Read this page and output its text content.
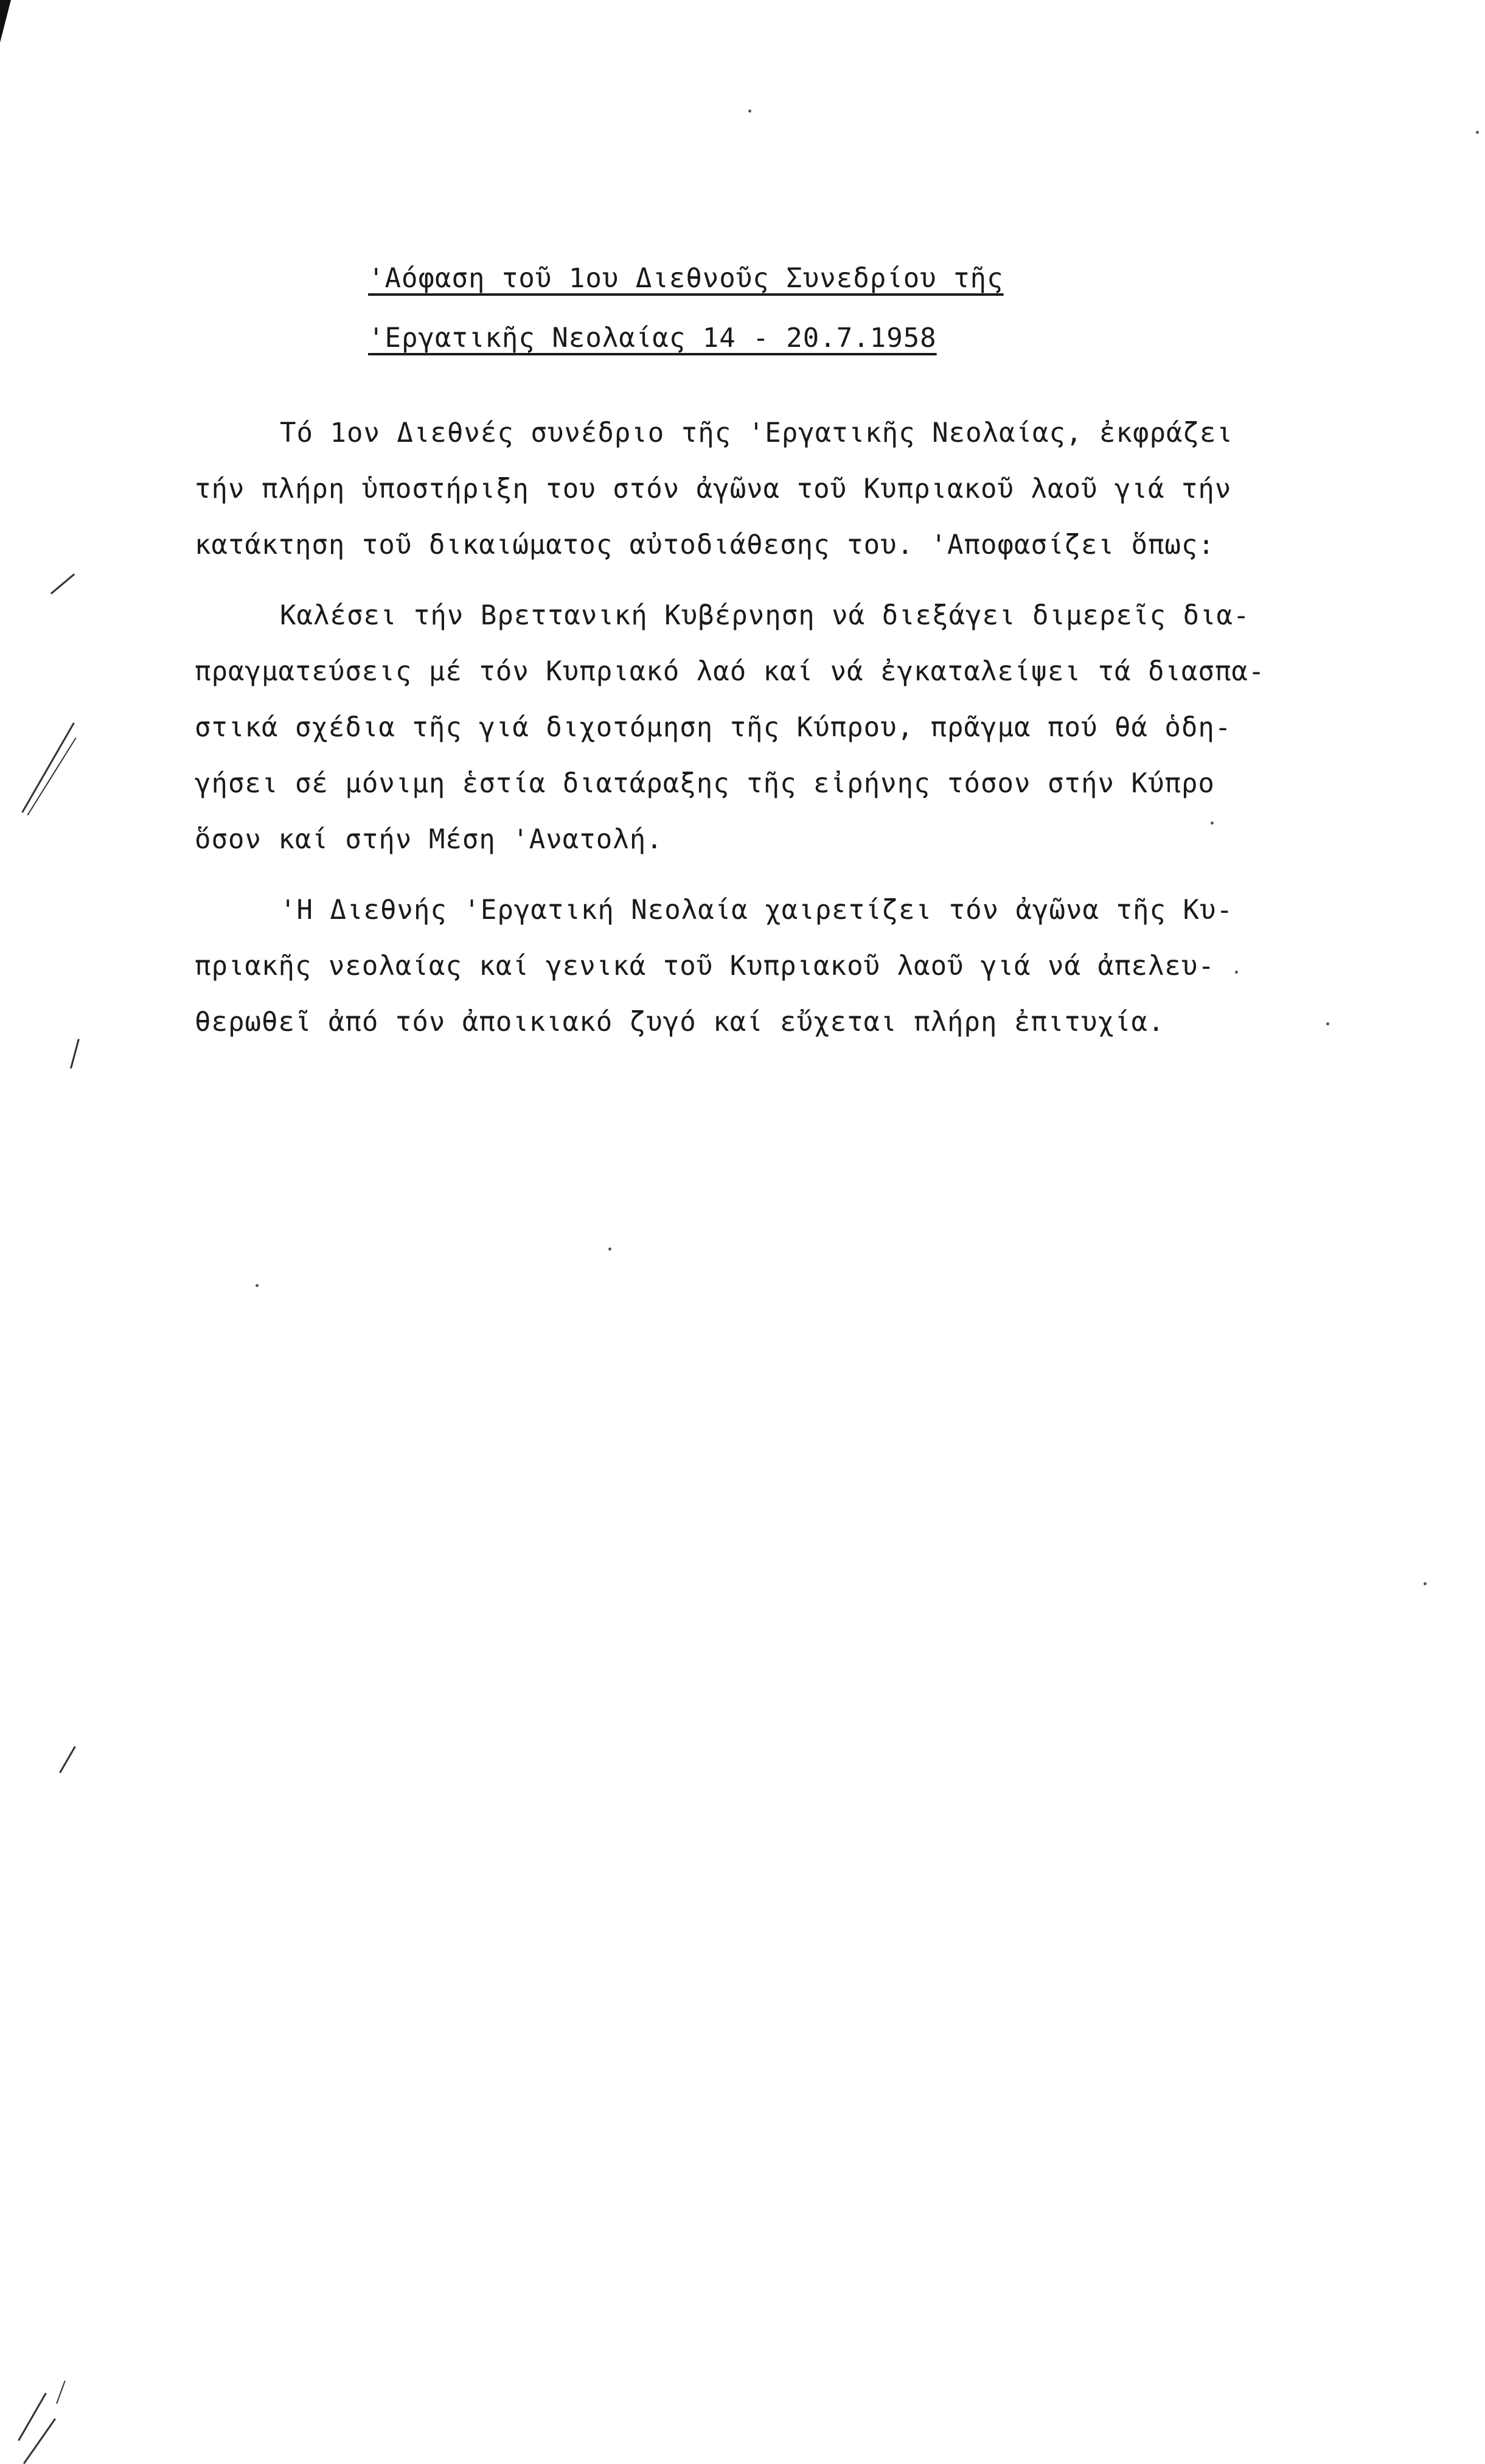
'Αόφαση τοῦ 1ου Διεθνοῦς Συνεδρίου τῆς
'Εργατικῆς Νεολαίας 14 - 20.7.1958
Τό 1ον Διεθνές συνέδριο τῆς 'Εργατικῆς Νεολαίας, ἐκφράζει
τήν πλήρη ὑποστήριξη του στόν ἀγῶνα τοῦ Κυπριακοῦ λαοῦ γιά τήν
κατάκτηση τοῦ δικαιώματος αὐτοδιάθεσης του. 'Αποφασίζει ὅπως:
Καλέσει τήν Βρεττανική Κυβέρνηση νά διεξάγει διμερεῖς δια-
πραγματεύσεις μέ τόν Κυπριακό λαό καί νά ἐγκαταλείψει τά διασπα-
στικά σχέδια τῆς γιά διχοτόμηση τῆς Κύπρου, πρᾶγμα πού θά ὁδη-
γήσει σέ μόνιμη ἑστία διατάραξης τῆς εἰρήνης τόσον στήν Κύπρο
ὅσον καί στήν Μέση 'Ανατολή.
'Η Διεθνής 'Εργατική Νεολαία χαιρετίζει τόν ἀγῶνα τῆς Κυ-
πριακῆς νεολαίας καί γενικά τοῦ Κυπριακοῦ λαοῦ γιά νά ἀπελευ-
θερωθεῖ ἀπό τόν ἀποικιακό ζυγό καί εὔχεται πλήρη ἐπιτυχία.
